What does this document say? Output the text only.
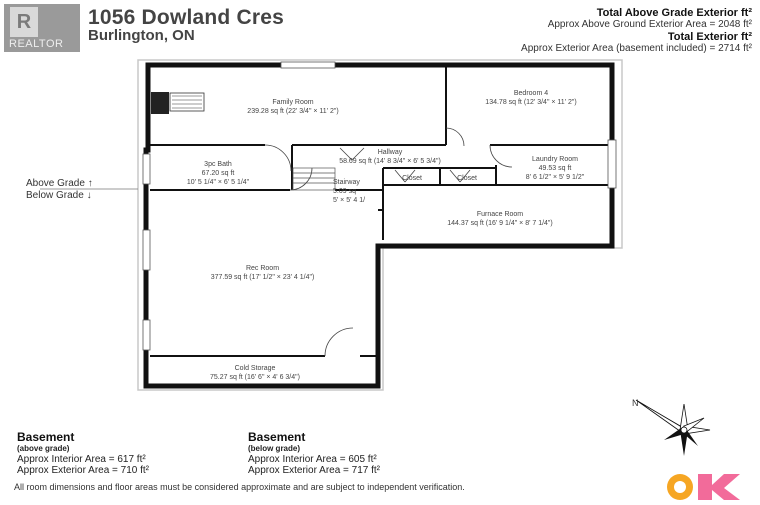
R
REALTOR
1056 Dowland Cres
Burlington, ON
Total Above Grade Exterior ft²
Approx Above Ground Exterior Area = 2048 ft²
Total Exterior ft²
Approx Exterior Area (basement included) = 2714 ft²
N
Family Room
239.28 sq ft (22' 3/4" × 11' 2")
Bedroom 4
134.78 sq ft (12' 3/4" × 11' 2")
Hallway
58.69 sq ft (14' 8 3/4" × 6' 5 3/4")
3pc Bath
67.20 sq ft
10' 5 1/4" × 6' 5 1/4"
Laundry Room
49.53 sq ft
8' 6 1/2" × 5' 9 1/2"
Stairway
5.09 sq
5' × 5' 4 1/
Closet	Closet
Furnace Room
144.37 sq ft (16' 9 1/4" × 8' 7 1/4")
Rec Room
377.59 sq ft (17' 1/2" × 23' 4 1/4")
Cold Storage
75.27 sq ft (16' 6" × 4' 6 3/4")
Above Grade ↑
Below Grade ↓
Basement
(above grade)
Approx Interior Area = 617 ft²
Approx Exterior Area = 710 ft²
Basement
(below grade)
Approx Interior Area = 605 ft²
Approx Exterior Area = 717 ft²
All room dimensions and floor areas must be considered approximate and are subject to independent verification.
